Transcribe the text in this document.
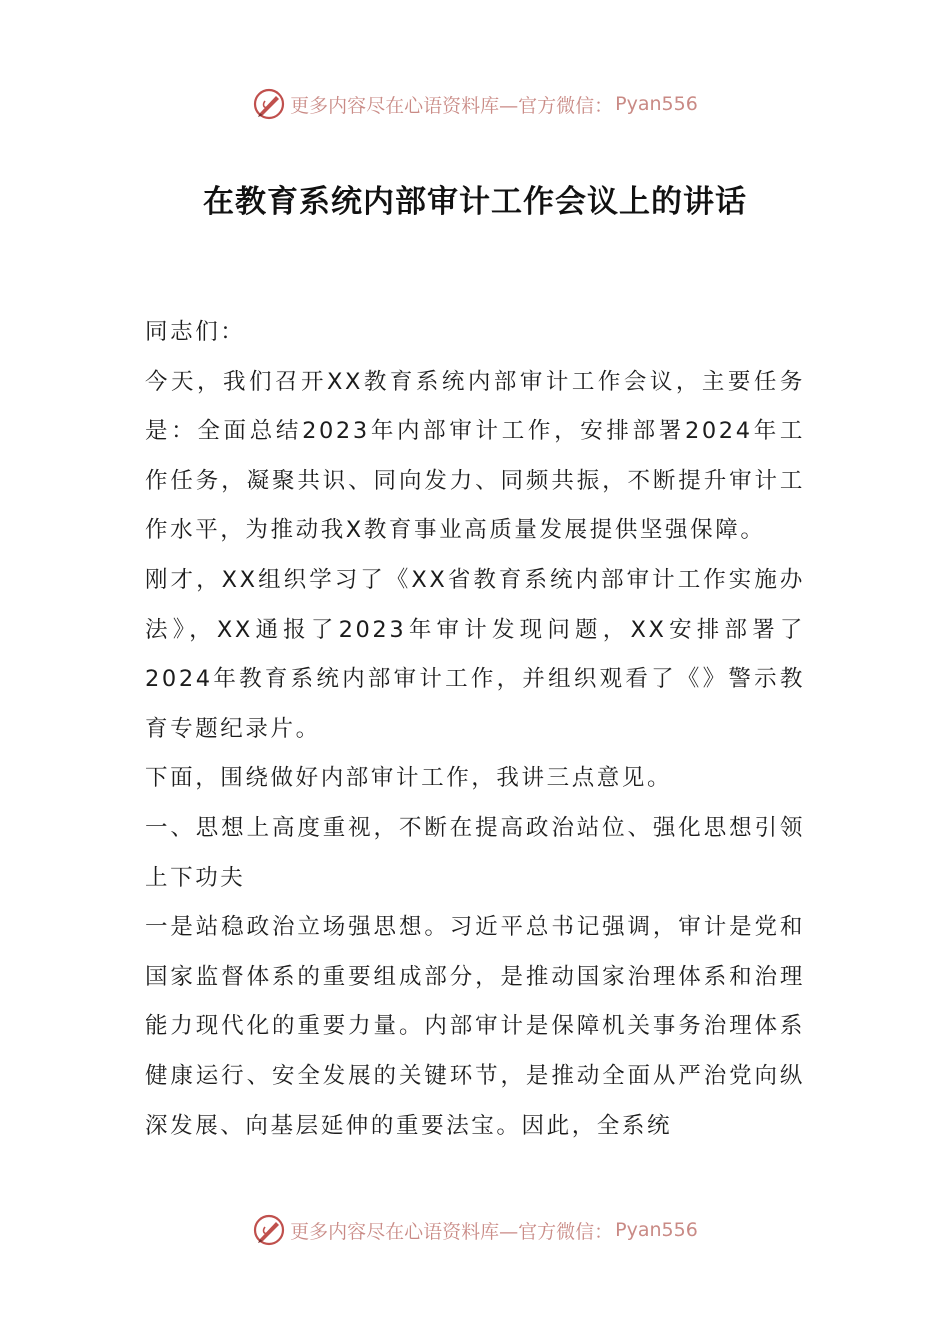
更多内容尽在心语资料库—官方微信： Pyan556
在教育系统内部审计工作会议上的讲话

同志们：

今天，我们召开XX教育系统内部审计工作会议，主要任务是：全面总结2023年内部审计工作，安排部署2024年工作任务，凝聚共识、同向发力、同频共振，不断提升审计工作水平，为推动我X教育事业高质量发展提供坚强保障。

刚才，XX组织学习了《XX省教育系统内部审计工作实施办法》，XX通报了2023年审计发现问题，XX安排部署了2024年教育系统内部审计工作，并组织观看了《》警示教育专题纪录片。

下面，围绕做好内部审计工作，我讲三点意见。

一、思想上高度重视，不断在提高政治站位、强化思想引领上下功夫

一是站稳政治立场强思想。习近平总书记强调，审计是党和国家监督体系的重要组成部分，是推动国家治理体系和治理能力现代化的重要力量。内部审计是保障机关事务治理体系健康运行、安全发展的关键环节，是推动全面从严治党向纵深发展、向基层延伸的重要法宝。因此，全系统

更多内容尽在心语资料库—官方微信： Pyan556
